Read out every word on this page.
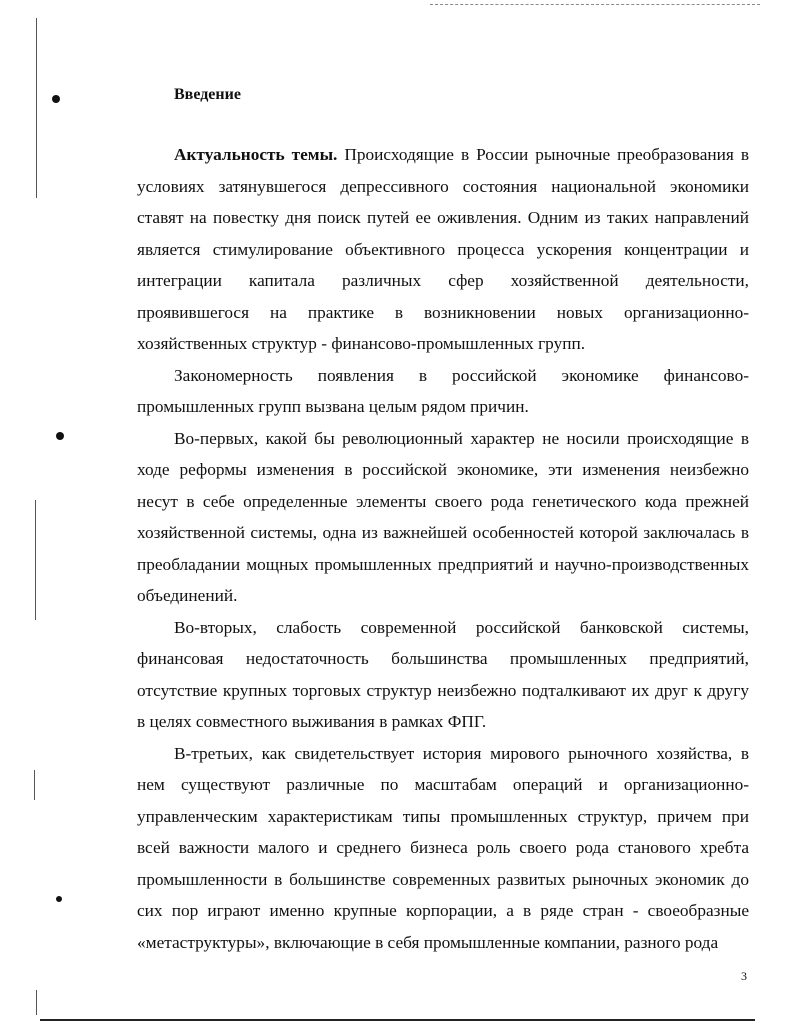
Введение

Актуальность темы. Происходящие в России рыночные преобразования в условиях затянувшегося депрессивного состояния национальной экономики ставят на повестку дня поиск путей ее оживления. Одним из таких направлений является стимулирование объективного процесса ускорения концентрации и интеграции капитала различных сфер хозяйственной деятельности, проявившегося на практике в возникновении новых организационно-хозяйственных структур - финансово-промышленных групп.

Закономерность появления в российской экономике финансово-промышленных групп вызвана целым рядом причин.

Во-первых, какой бы революционный характер не носили происходящие в ходе реформы изменения в российской экономике, эти изменения неизбежно несут в себе определенные элементы своего рода генетического кода прежней хозяйственной системы, одна из важнейшей особенностей которой заключалась в преобладании мощных промышленных предприятий и научно-производственных объединений.

Во-вторых, слабость современной российской банковской системы, финансовая недостаточность большинства промышленных предприятий, отсутствие крупных торговых структур неизбежно подталкивают их друг к другу в целях совместного выживания в рамках ФПГ.

В-третьих, как свидетельствует история мирового рыночного хозяйства, в нем существуют различные по масштабам операций и организационно-управленческим характеристикам типы промышленных структур, причем при всей важности малого и среднего бизнеса роль своего рода станового хребта промышленности в большинстве современных развитых рыночных экономик до сих пор играют именно крупные корпорации, а в ряде стран - своеобразные «метаструктуры», включающие в себя промышленные компании, разного рода

3
